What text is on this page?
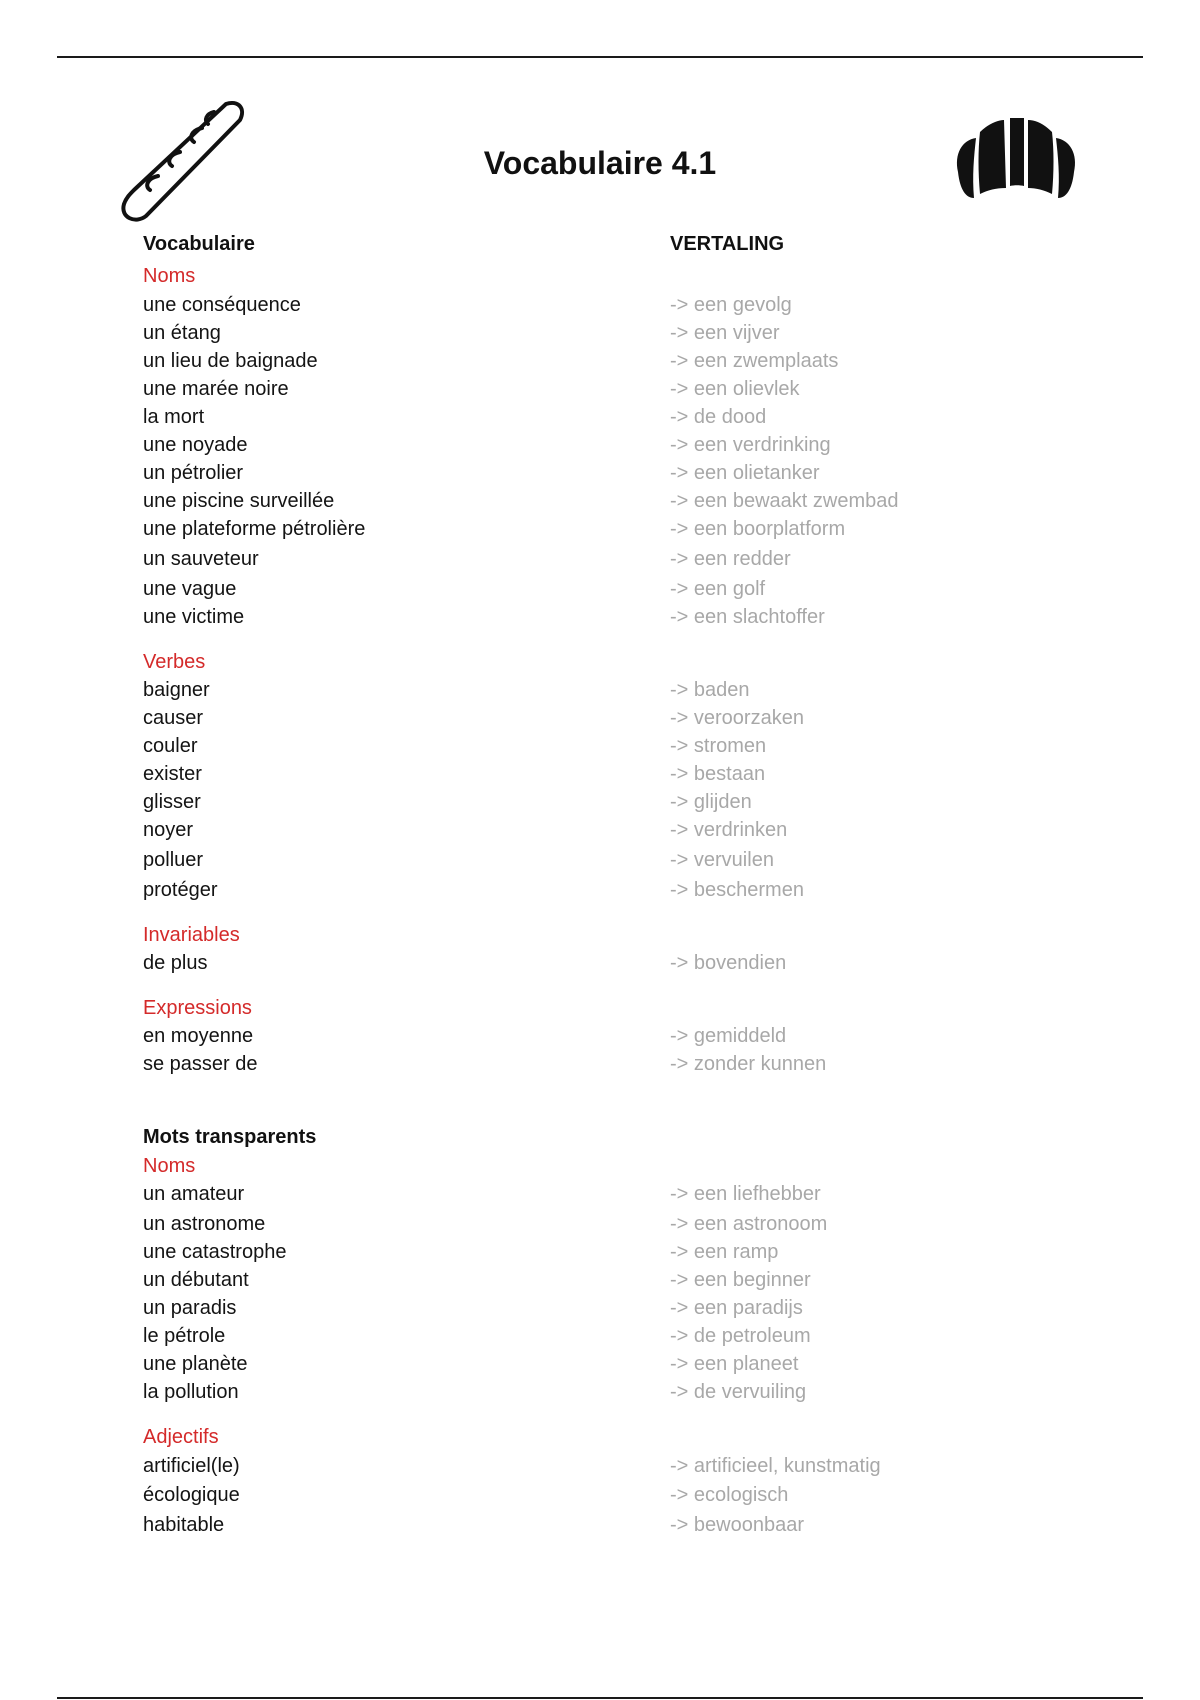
Vocabulaire 4.1
Vocabulaire	VERTALING
Noms
une conséquence	-> een gevolg
un étang	-> een vijver
un lieu de baignade	-> een zwemplaats
une marée noire	-> een olievlek
la mort	-> de dood
une noyade	-> een verdrinking
un pétrolier	-> een olietanker
une piscine surveillée	-> een bewaakt zwembad
une plateforme pétrolière	-> een boorplatform
un sauveteur	-> een redder
une vague	-> een golf
une victime	-> een slachtoffer
Verbes
baigner	-> baden
causer	-> veroorzaken
couler	-> stromen
exister	-> bestaan
glisser	-> glijden
noyer	-> verdrinken
polluer	-> vervuilen
protéger	-> beschermen
Invariables
de plus	-> bovendien
Expressions
en moyenne	-> gemiddeld
se passer de	-> zonder kunnen
Mots transparents
Noms
un amateur	-> een liefhebber
un astronome	-> een astronoom
une catastrophe	-> een ramp
un débutant	-> een beginner
un paradis	-> een paradijs
le pétrole	-> de petroleum
une planète	-> een planeet
la pollution	-> de vervuiling
Adjectifs
artificiel(le)	-> artificieel, kunstmatig
écologique	-> ecologisch
habitable	-> bewoonbaar
